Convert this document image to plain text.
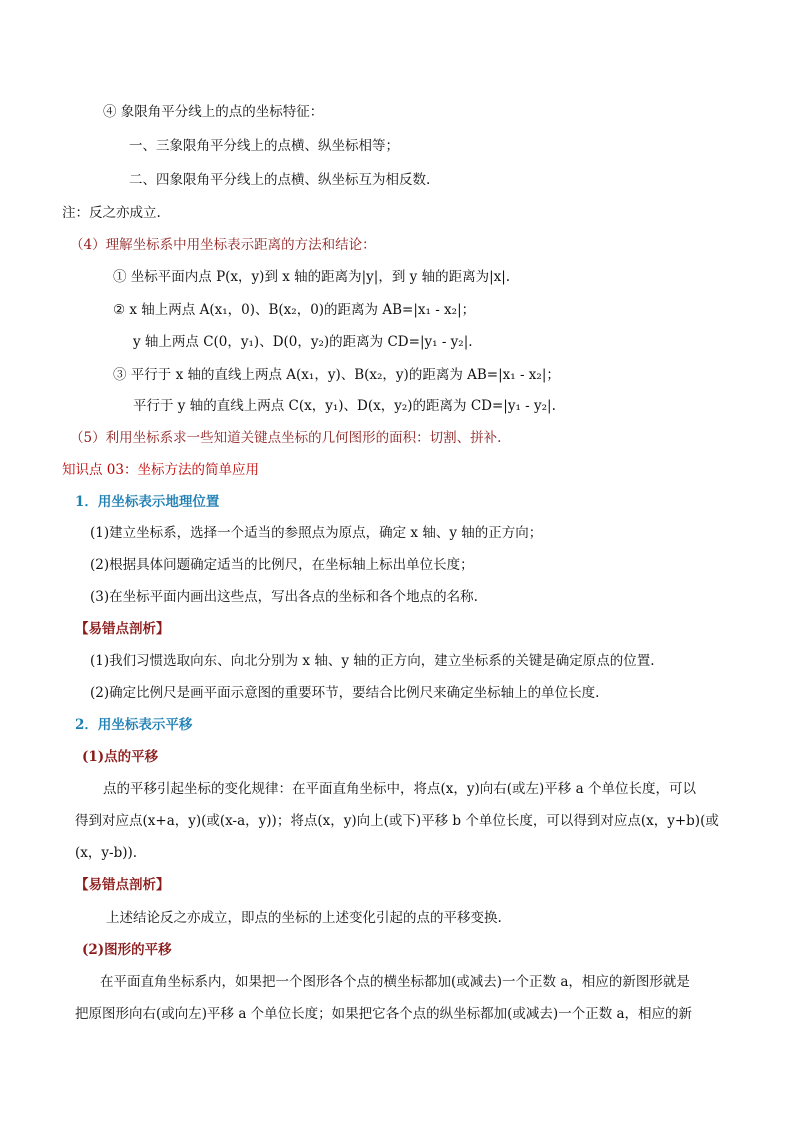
④ 象限角平分线上的点的坐标特征：
一、三象限角平分线上的点横、纵坐标相等；
二、四象限角平分线上的点横、纵坐标互为相反数.
注：反之亦成立.
（4）理解坐标系中用坐标表示距离的方法和结论：
① 坐标平面内点 P(x，y)到 x 轴的距离为|y|，到 y 轴的距离为|x|.
② x 轴上两点 A(x₁，0)、B(x₂，0)的距离为 AB=|x₁ - x₂|；
y 轴上两点 C(0，y₁)、D(0，y₂)的距离为 CD=|y₁ - y₂|.
③ 平行于 x 轴的直线上两点 A(x₁，y)、B(x₂，y)的距离为 AB=|x₁ - x₂|；
平行于 y 轴的直线上两点 C(x，y₁)、D(x，y₂)的距离为 CD=|y₁ - y₂|.
（5）利用坐标系求一些知道关键点坐标的几何图形的面积：切割、拼补.
知识点 03：坐标方法的简单应用
1．用坐标表示地理位置
(1)建立坐标系，选择一个适当的参照点为原点，确定 x 轴、y 轴的正方向；
(2)根据具体问题确定适当的比例尺，在坐标轴上标出单位长度；
(3)在坐标平面内画出这些点，写出各点的坐标和各个地点的名称.
【易错点剖析】
(1)我们习惯选取向东、向北分别为 x 轴、y 轴的正方向，建立坐标系的关键是确定原点的位置.
(2)确定比例尺是画平面示意图的重要环节，要结合比例尺来确定坐标轴上的单位长度.
2．用坐标表示平移
(1)点的平移
点的平移引起坐标的变化规律：在平面直角坐标中，将点(x，y)向右(或左)平移 a 个单位长度，可以
得到对应点(x+a，y)(或(x-a，y))；将点(x，y)向上(或下)平移 b 个单位长度，可以得到对应点(x，y+b)(或
(x，y-b)).
【易错点剖析】
上述结论反之亦成立，即点的坐标的上述变化引起的点的平移变换.
(2)图形的平移
在平面直角坐标系内，如果把一个图形各个点的横坐标都加(或减去)一个正数 a，相应的新图形就是
把原图形向右(或向左)平移 a 个单位长度；如果把它各个点的纵坐标都加(或减去)一个正数 a，相应的新
